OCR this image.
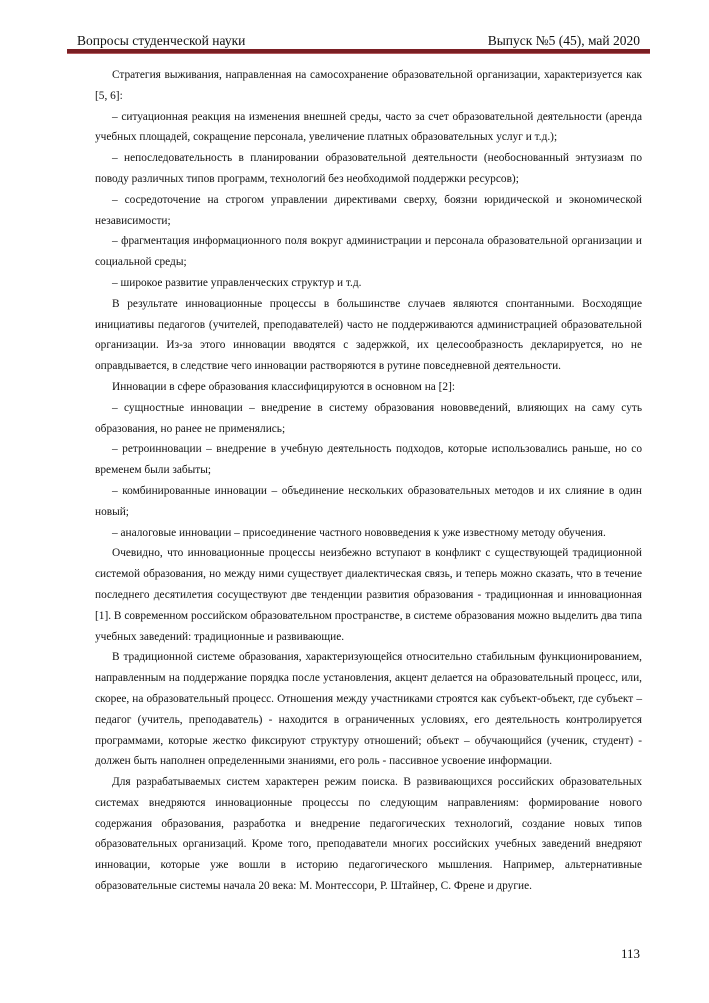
Вопросы студенческой науки	Выпуск №5 (45), май 2020

Стратегия выживания, направленная на самосохранение образовательной организации, характеризуется как [5, 6]:

– ситуационная реакция на изменения внешней среды, часто за счет образовательной деятельности (аренда учебных площадей, сокращение персонала, увеличение платных образовательных услуг и т.д.);

– непоследовательность в планировании образовательной деятельности (необоснованный энтузиазм по поводу различных типов программ, технологий без необходимой поддержки ресурсов);

– сосредоточение на строгом управлении директивами сверху, боязни юридической и экономической независимости;

– фрагментация информационного поля вокруг администрации и персонала образовательной организации и социальной среды;

– широкое развитие управленческих структур и т.д.

В результате инновационные процессы в большинстве случаев являются спонтанными. Восходящие инициативы педагогов (учителей, преподавателей) часто не поддерживаются администрацией образовательной организации. Из-за этого инновации вводятся с задержкой, их целесообразность декларируется, но не оправдывается, в следствие чего инновации растворяются в рутине повседневной деятельности.

Инновации в сфере образования классифицируются в основном на [2]:

– сущностные инновации – внедрение в систему образования нововведений, влияющих на саму суть образования, но ранее не применялись;

– ретроинновации – внедрение в учебную деятельность подходов, которые использовались раньше, но со временем были забыты;

– комбинированные инновации – объединение нескольких образовательных методов и их слияние в один новый;

– аналоговые инновации – присоединение частного нововведения к уже известному методу обучения.

Очевидно, что инновационные процессы неизбежно вступают в конфликт с существующей традиционной системой образования, но между ними существует диалектическая связь, и теперь можно сказать, что в течение последнего десятилетия сосуществуют две тенденции развития образования - традиционная и инновационная [1]. В современном российском образовательном пространстве, в системе образования можно выделить два типа учебных заведений: традиционные и развивающие.

В традиционной системе образования, характеризующейся относительно стабильным функционированием, направленным на поддержание порядка после установления, акцент делается на образовательный процесс, или, скорее, на образовательный процесс. Отношения между участниками строятся как субъект-объект, где субъект – педагог (учитель, преподаватель) - находится в ограниченных условиях, его деятельность контролируется программами, которые жестко фиксируют структуру отношений; объект – обучающийся (ученик, студент) - должен быть наполнен определенными знаниями, его роль - пассивное усвоение информации.

Для разрабатываемых систем характерен режим поиска. В развивающихся российских образовательных системах внедряются инновационные процессы по следующим направлениям: формирование нового содержания образования, разработка и внедрение педагогических технологий, создание новых типов образовательных организаций. Кроме того, преподаватели многих российских учебных заведений внедряют инновации, которые уже вошли в историю педагогического мышления. Например, альтернативные образовательные системы начала 20 века: М. Монтессори, Р. Штайнер, С. Френе и другие.

113
